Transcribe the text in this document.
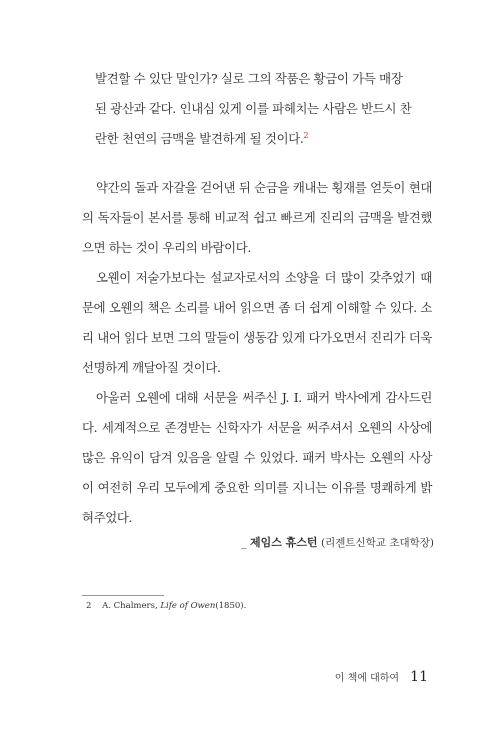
발견할 수 있단 말인가? 실로 그의 작품은 황금이 가득 매장

된 광산과 같다. 인내심 있게 이를 파헤치는 사람은 반드시 찬

란한 천연의 금맥을 발견하게 될 것이다.$^2$

약간의 돌과 자갈을 걷어낸 뒤 순금을 캐내는 횡재를 얻듯이 현대의 독자들이 본서를 통해 비교적 쉽고 빠르게 진리의 금맥을 발견했으면 하는 것이 우리의 바람이다.

오웬이 저술가보다는 설교자로서의 소양을 더 많이 갖추었기 때문에 오웬의 책은 소리를 내어 읽으면 좀 더 쉽게 이해할 수 있다. 소리 내어 읽다 보면 그의 말들이 생동감 있게 다가오면서 진리가 더욱 선명하게 깨달아질 것이다.

아울러 오웬에 대해 서문을 써주신 J. I. 패커 박사에게 감사드린다. 세계적으로 존경받는 신학자가 서문을 써주셔서 오웬의 사상에 많은 유익이 담겨 있음을 알릴 수 있었다. 패커 박사는 오웬의 사상이 여전히 우리 모두에게 중요한 의미를 지니는 이유를 명쾌하게 밝혀주었다.

_ 제임스 휴스턴 (리젠트신학교 초대학장)
2 A. Chalmers, Life of Owen(1850).
이 책에 대하여 11
